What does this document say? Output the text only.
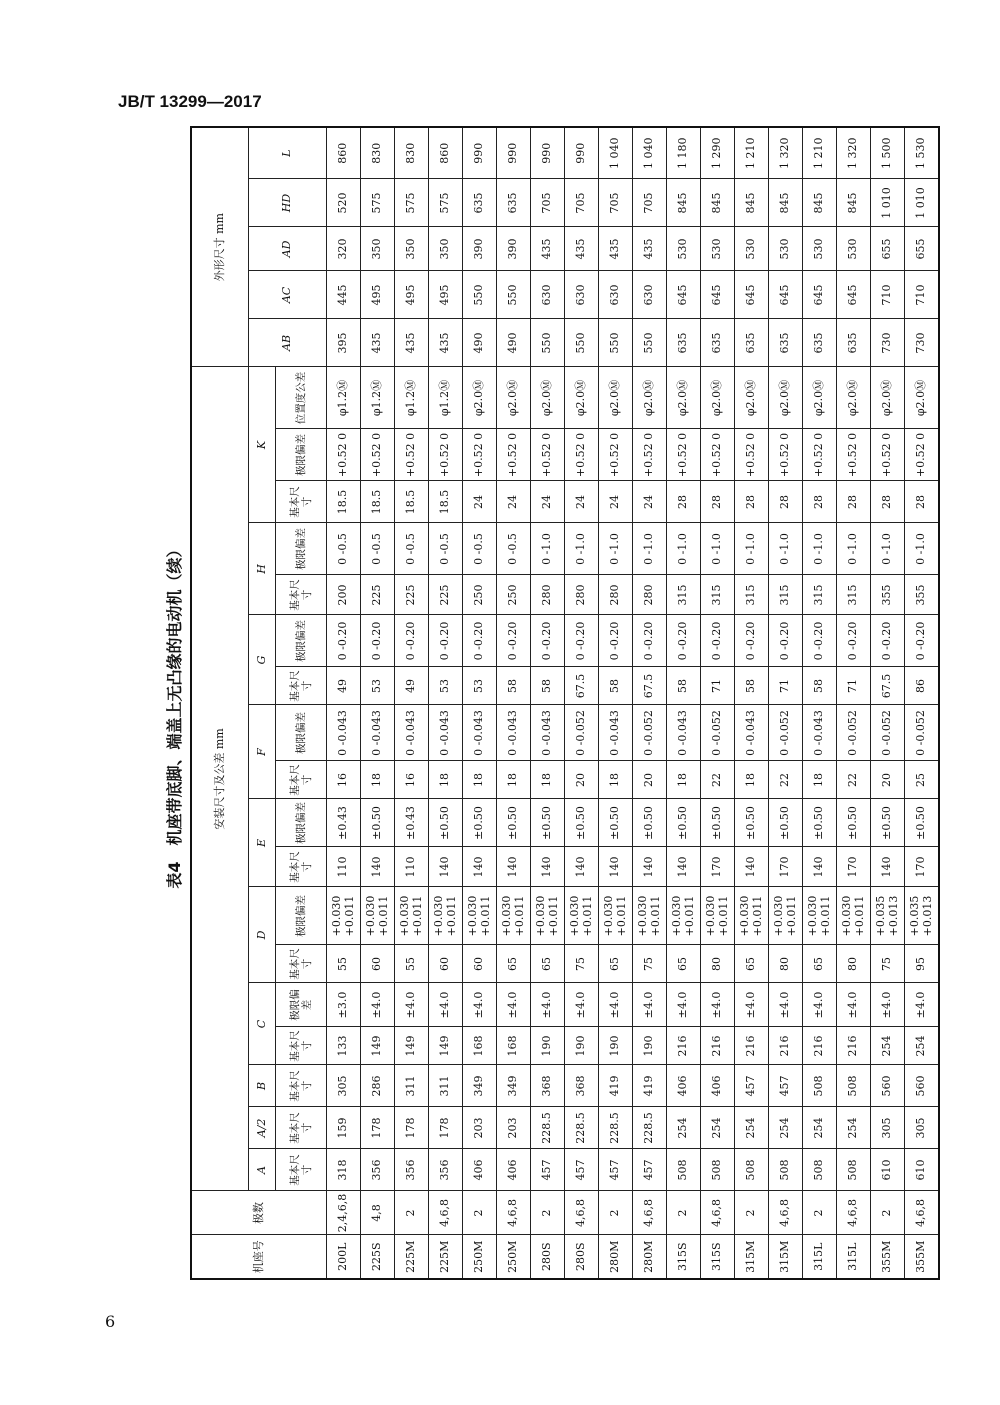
JB/T 13299—2017
表4　机座带底脚、端盖上无凸缘的电动机（续）
机座号	极数	安装尺寸及公差 mm																		外形尺寸 mm				
		A	A/2	B	C		D		E		F		G		H		K			AB	AC	AD	HD	L
		基本尺寸	基本尺寸	基本尺寸	基本尺寸	极限偏差	基本尺寸	极限偏差	基本尺寸	极限偏差	基本尺寸	极限偏差	基本尺寸	极限偏差	基本尺寸	极限偏差	基本尺寸	极限偏差	位置度公差					
200L	2,4,6,8	318	159	305	133	±3.0	55	+0.030 +0.011	110	±0.43	16	0 -0.043	49	0 -0.20	200	0 -0.5	18.5	+0.52 0	φ1.2Ⓜ	395	445	320	520	860
225S	4,8	356	178	286	149	±4.0	60	+0.030 +0.011	140	±0.50	18	0 -0.043	53	0 -0.20	225	0 -0.5	18.5	+0.52 0	φ1.2Ⓜ	435	495	350	575	830
225M	2	356	178	311	149	±4.0	55	+0.030 +0.011	110	±0.43	16	0 -0.043	49	0 -0.20	225	0 -0.5	18.5	+0.52 0	φ1.2Ⓜ	435	495	350	575	830
225M	4,6,8	356	178	311	149	±4.0	60	+0.030 +0.011	140	±0.50	18	0 -0.043	53	0 -0.20	225	0 -0.5	18.5	+0.52 0	φ1.2Ⓜ	435	495	350	575	860
250M	2	406	203	349	168	±4.0	60	+0.030 +0.011	140	±0.50	18	0 -0.043	53	0 -0.20	250	0 -0.5	24	+0.52 0	φ2.0Ⓜ	490	550	390	635	990
250M	4,6,8	406	203	349	168	±4.0	65	+0.030 +0.011	140	±0.50	18	0 -0.043	58	0 -0.20	250	0 -0.5	24	+0.52 0	φ2.0Ⓜ	490	550	390	635	990
280S	2	457	228.5	368	190	±4.0	65	+0.030 +0.011	140	±0.50	18	0 -0.043	58	0 -0.20	280	0 -1.0	24	+0.52 0	φ2.0Ⓜ	550	630	435	705	990
280S	4,6,8	457	228.5	368	190	±4.0	75	+0.030 +0.011	140	±0.50	20	0 -0.052	67.5	0 -0.20	280	0 -1.0	24	+0.52 0	φ2.0Ⓜ	550	630	435	705	990
280M	2	457	228.5	419	190	±4.0	65	+0.030 +0.011	140	±0.50	18	0 -0.043	58	0 -0.20	280	0 -1.0	24	+0.52 0	φ2.0Ⓜ	550	630	435	705	1 040
280M	4,6,8	457	228.5	419	190	±4.0	75	+0.030 +0.011	140	±0.50	20	0 -0.052	67.5	0 -0.20	280	0 -1.0	24	+0.52 0	φ2.0Ⓜ	550	630	435	705	1 040
315S	2	508	254	406	216	±4.0	65	+0.030 +0.011	140	±0.50	18	0 -0.043	58	0 -0.20	315	0 -1.0	28	+0.52 0	φ2.0Ⓜ	635	645	530	845	1 180
315S	4,6,8	508	254	406	216	±4.0	80	+0.030 +0.011	170	±0.50	22	0 -0.052	71	0 -0.20	315	0 -1.0	28	+0.52 0	φ2.0Ⓜ	635	645	530	845	1 290
315M	2	508	254	457	216	±4.0	65	+0.030 +0.011	140	±0.50	18	0 -0.043	58	0 -0.20	315	0 -1.0	28	+0.52 0	φ2.0Ⓜ	635	645	530	845	1 210
315M	4,6,8	508	254	457	216	±4.0	80	+0.030 +0.011	170	±0.50	22	0 -0.052	71	0 -0.20	315	0 -1.0	28	+0.52 0	φ2.0Ⓜ	635	645	530	845	1 320
315L	2	508	254	508	216	±4.0	65	+0.030 +0.011	140	±0.50	18	0 -0.043	58	0 -0.20	315	0 -1.0	28	+0.52 0	φ2.0Ⓜ	635	645	530	845	1 210
315L	4,6,8	508	254	508	216	±4.0	80	+0.030 +0.011	170	±0.50	22	0 -0.052	71	0 -0.20	315	0 -1.0	28	+0.52 0	φ2.0Ⓜ	635	645	530	845	1 320
355M	2	610	305	560	254	±4.0	75	+0.035 +0.013	140	±0.50	20	0 -0.052	67.5	0 -0.20	355	0 -1.0	28	+0.52 0	φ2.0Ⓜ	730	710	655	1 010	1 500
355M	4,6,8	610	305	560	254	±4.0	95	+0.035 +0.013	170	±0.50	25	0 -0.052	86	0 -0.20	355	0 -1.0	28	+0.52 0	φ2.0Ⓜ	730	710	655	1 010	1 530
6
